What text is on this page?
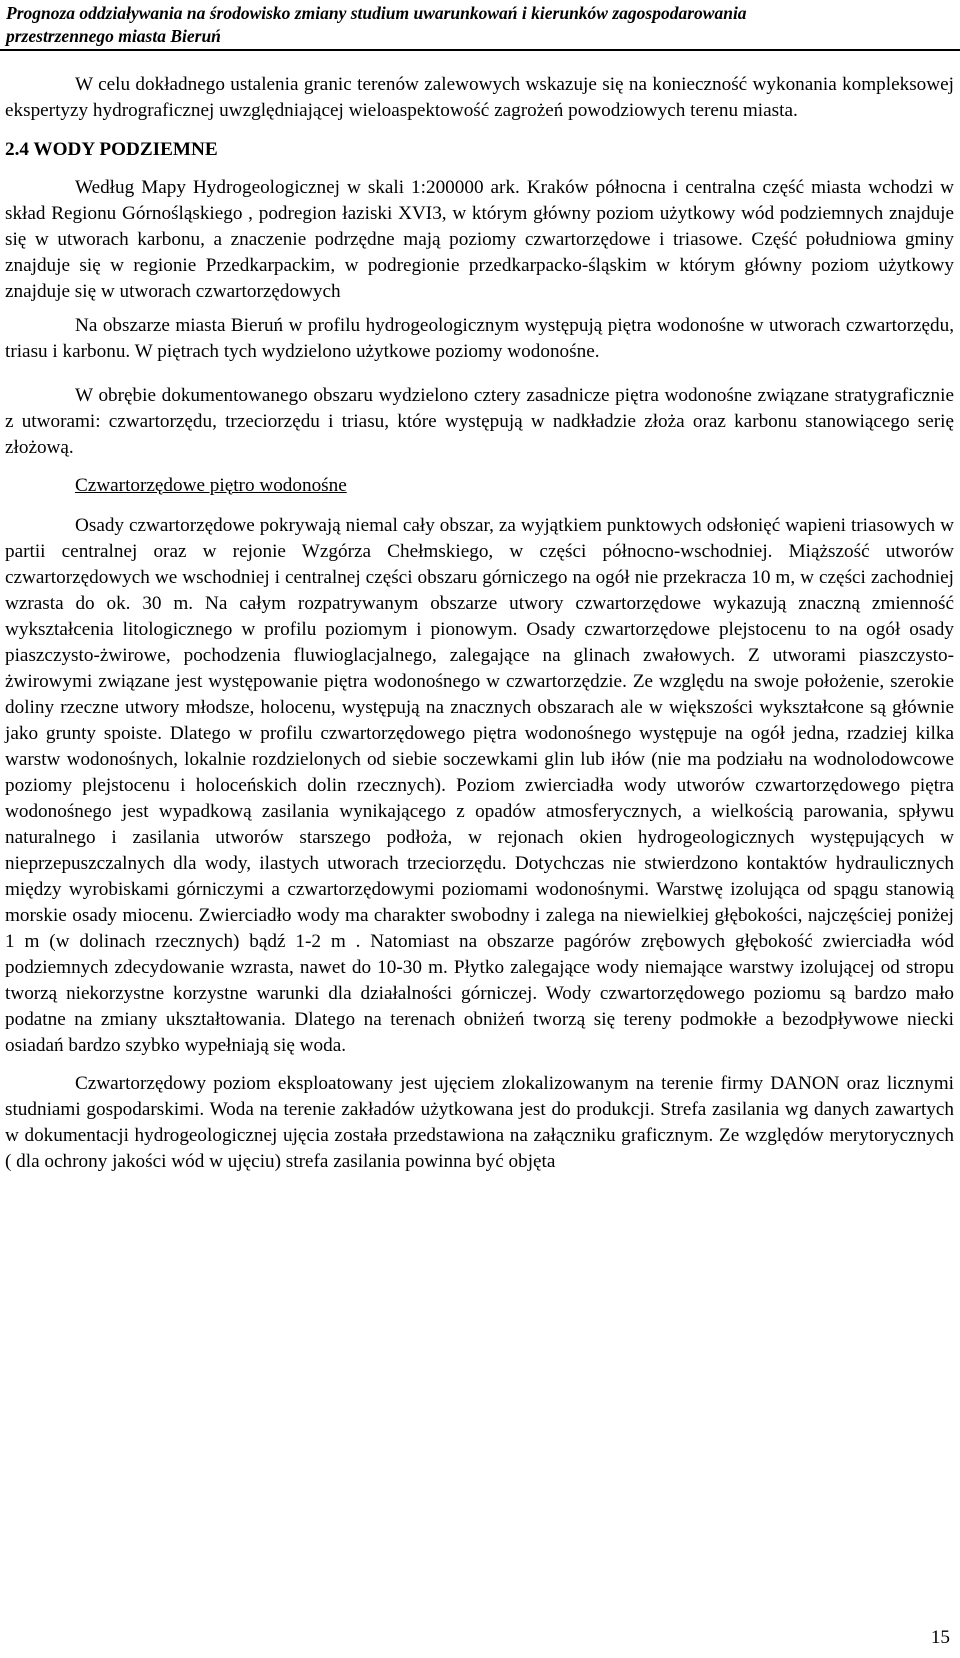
Prognoza oddziaływania na środowisko zmiany studium uwarunkowań i kierunków zagospodarowania
przestrzennego miasta Bieruń

W celu dokładnego ustalenia granic terenów zalewowych wskazuje się na konieczność wykonania kompleksowej ekspertyzy hydrograficznej uwzględniającej wieloaspektowość zagrożeń powodziowych terenu miasta.

2.4 WODY PODZIEMNE

Według Mapy Hydrogeologicznej w skali 1:200000 ark. Kraków północna i centralna część miasta wchodzi w skład Regionu Górnośląskiego , podregion łaziski XVI3, w którym główny poziom użytkowy wód podziemnych znajduje się w utworach karbonu, a znaczenie podrzędne mają poziomy czwartorzędowe i triasowe. Część południowa gminy znajduje się w regionie Przedkarpackim, w podregionie przedkarpacko-śląskim w którym główny poziom użytkowy znajduje się w utworach czwartorzędowych

Na obszarze miasta Bieruń w profilu hydrogeologicznym występują piętra wodonośne w utworach czwartorzędu, triasu i karbonu. W piętrach tych wydzielono użytkowe poziomy wodonośne.

W obrębie dokumentowanego obszaru wydzielono cztery zasadnicze piętra wodonośne związane stratygraficznie z utworami: czwartorzędu, trzeciorzędu i triasu, które występują w nadkładzie złoża oraz karbonu stanowiącego serię złożową.

Czwartorzędowe piętro wodonośne

Osady czwartorzędowe pokrywają niemal cały obszar, za wyjątkiem punktowych odsłonięć wapieni triasowych w partii centralnej oraz w rejonie Wzgórza Chełmskiego, w części północno-wschodniej. Miąższość utworów czwartorzędowych we wschodniej i centralnej części obszaru górniczego na ogół nie przekracza 10 m, w części zachodniej wzrasta do ok. 30 m. Na całym rozpatrywanym obszarze utwory czwartorzędowe wykazują znaczną zmienność wykształcenia litologicznego w profilu poziomym i pionowym. Osady czwartorzędowe plejstocenu to na ogół osady piaszczysto-żwirowe, pochodzenia fluwioglacjalnego, zalegające na glinach zwałowych. Z utworami piaszczysto-żwirowymi związane jest występowanie piętra wodonośnego w czwartorzędzie. Ze względu na swoje położenie, szerokie doliny rzeczne utwory młodsze, holocenu, występują na znacznych obszarach ale w większości wykształcone są głównie jako grunty spoiste. Dlatego w profilu czwartorzędowego piętra wodonośnego występuje na ogół jedna, rzadziej kilka warstw wodonośnych, lokalnie rozdzielonych od siebie soczewkami glin lub iłów (nie ma podziału na wodnolodowcowe poziomy plejstocenu i holoceńskich dolin rzecznych). Poziom zwierciadła wody utworów czwartorzędowego piętra wodonośnego jest wypadkową zasilania wynikającego z opadów atmosferycznych, a wielkością parowania, spływu naturalnego i zasilania utworów starszego podłoża, w rejonach okien hydrogeologicznych występujących w nieprzepuszczalnych dla wody, ilastych utworach trzeciorzędu. Dotychczas nie stwierdzono kontaktów hydraulicznych między wyrobiskami górniczymi a czwartorzędowymi poziomami wodonośnymi. Warstwę izolująca od spągu stanowią morskie osady miocenu. Zwierciadło wody ma charakter swobodny i zalega na niewielkiej głębokości, najczęściej poniżej 1 m (w dolinach rzecznych) bądź 1-2 m . Natomiast na obszarze pagórów zrębowych głębokość zwierciadła wód podziemnych zdecydowanie wzrasta, nawet do 10-30 m. Płytko zalegające wody niemające warstwy izolującej od stropu tworzą niekorzystne korzystne warunki dla działalności górniczej. Wody czwartorzędowego poziomu są bardzo mało podatne na zmiany ukształtowania. Dlatego na terenach obniżeń tworzą się tereny podmokłe a bezodpływowe niecki osiadań bardzo szybko wypełniają się woda.

Czwartorzędowy poziom eksploatowany jest ujęciem zlokalizowanym na terenie firmy DANON oraz licznymi studniami gospodarskimi. Woda na terenie zakładów użytkowana jest do produkcji. Strefa zasilania wg danych zawartych w dokumentacji hydrogeologicznej ujęcia została przedstawiona na załączniku graficznym. Ze względów merytorycznych ( dla ochrony jakości wód w ujęciu) strefa zasilania powinna być objęta

15
